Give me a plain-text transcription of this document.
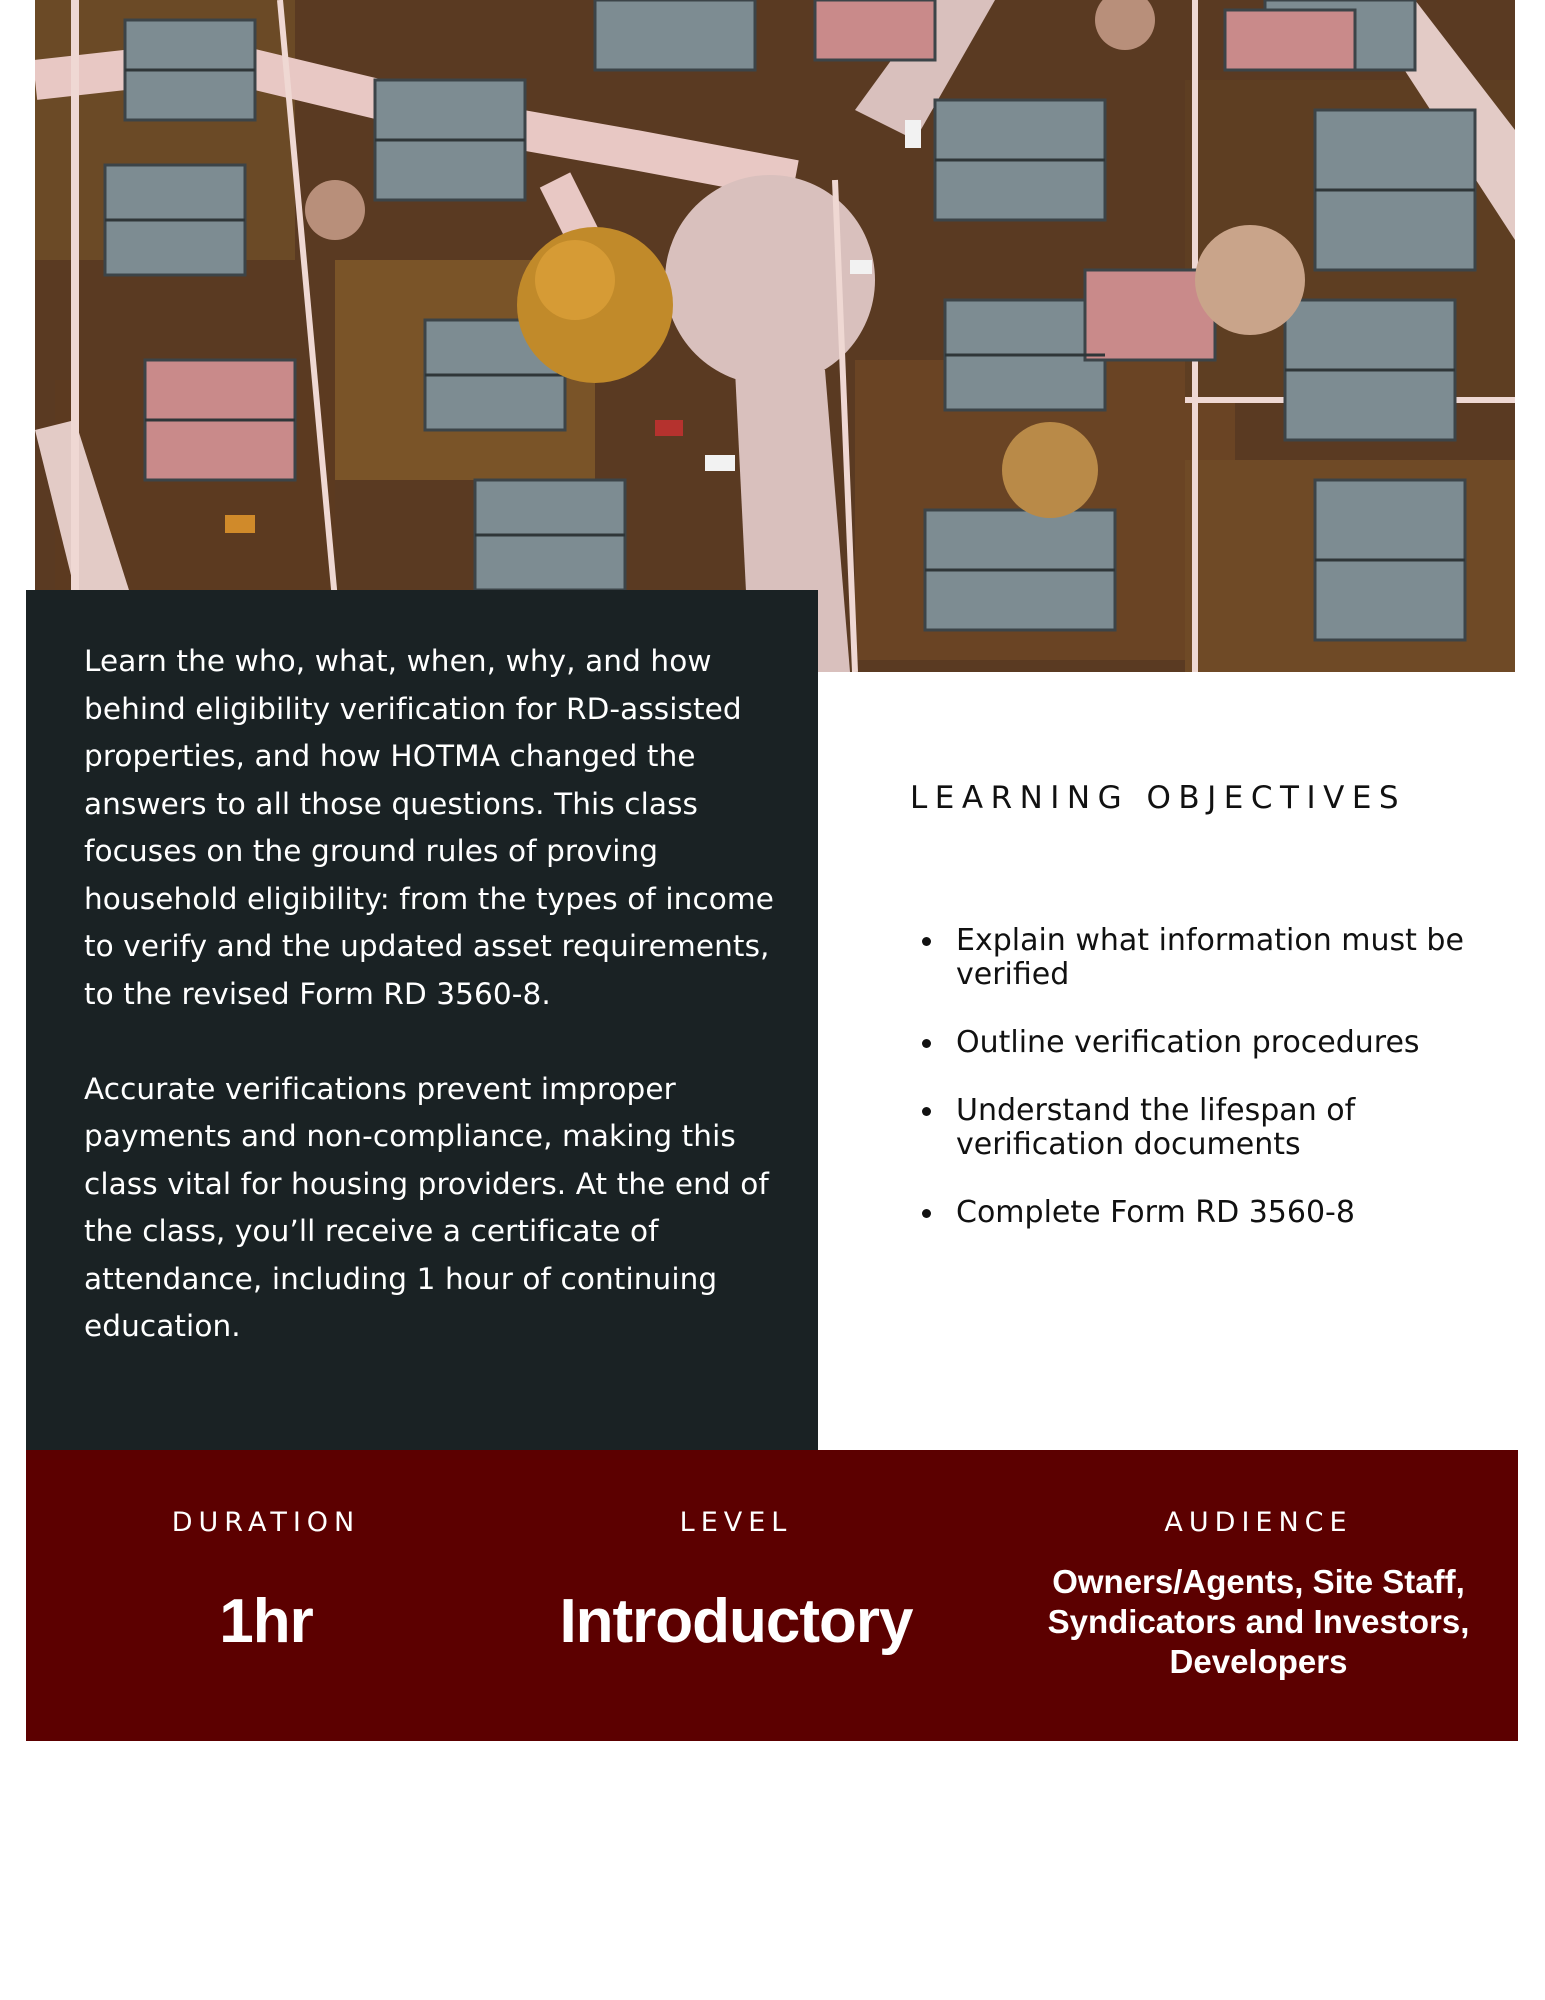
Learn the who, what, when, why, and how behind eligibility verification for RD-assisted properties, and how HOTMA changed the answers to all those questions. This class focuses on the ground rules of proving household eligibility: from the types of income to verify and the updated asset requirements, to the revised Form RD 3560-8.

Accurate verifications prevent improper payments and non-compliance, making this class vital for housing providers. At the end of the class, you’ll receive a certificate of attendance, including 1 hour of continuing education.

LEARNING OBJECTIVES
Explain what information must be verified
Outline verification procedures
Understand the lifespan of verification documents
Complete Form RD 3560-8
DURATION
1hr
LEVEL
Introductory
AUDIENCE
Owners/Agents, Site Staff, Syndicators and Investors, Developers
